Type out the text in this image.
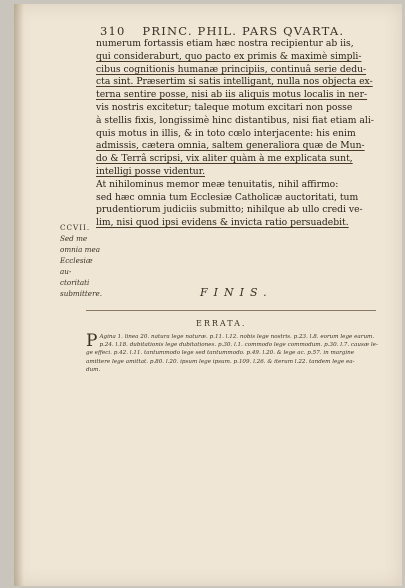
310 PRINC. PHIL. PARS QVARTA.
numerum fortassis etiam hæc nostra recipientur ab iis,
qui consideraburt, quo pacto ex primis & maximè simpli-
cibus cognitionis humanæ principiis, continuâ serie dedu-
cta sint. Præsertim si satis intelligant, nulla nos objecta ex-
terna sentire posse, nisi ab iis aliquis motus localis in ner-
vis nostris excitetur; taleque motum excitari non posse
à stellis fixis, longissimè hinc distantibus, nisi fiat etiam ali-
quis motus in illis, & in toto cœlo interjacente: his enim
admissis, cætera omnia, saltem generaliora quæ de Mun-
do & Terrâ scripsi, vix aliter quàm à me explicata sunt,
intelligi posse videntur.
At nihilominus memor meæ tenuitatis, nihil affirmo:
sed hæc omnia tum Ecclesiæ Catholicæ auctoritati, tum
prudentiorum judiciis submitto; nihilque ab ullo credi ve-
lim, nisi quod ipsi evidens & invicta ratio persuadebit.
CCVII.
Sed me
omnia mea
Ecclesiæ au-
ctoritati
submittere.	FINIS.
ERRATA.
P Agina 1. linea 20. natura lege naturæ. p.11. l.12. nobis lege nostris. p.23. l.8. eorum lege earum.
p.24. l.18. dubitationis lege dubitationes. p.30. l.1. commodo lege commodum. p.30. l.7. causæ le-
ge effeci. p.42. l.11. tantummodo lege sed tantummodo. p.49. l.20. & lege ac. p.57. in margine
amittere lege amittat. p.80. l.20. ipsum lege ipsum. p.109. l.26. & iterum l.22. tandem lege ea-
dum.
